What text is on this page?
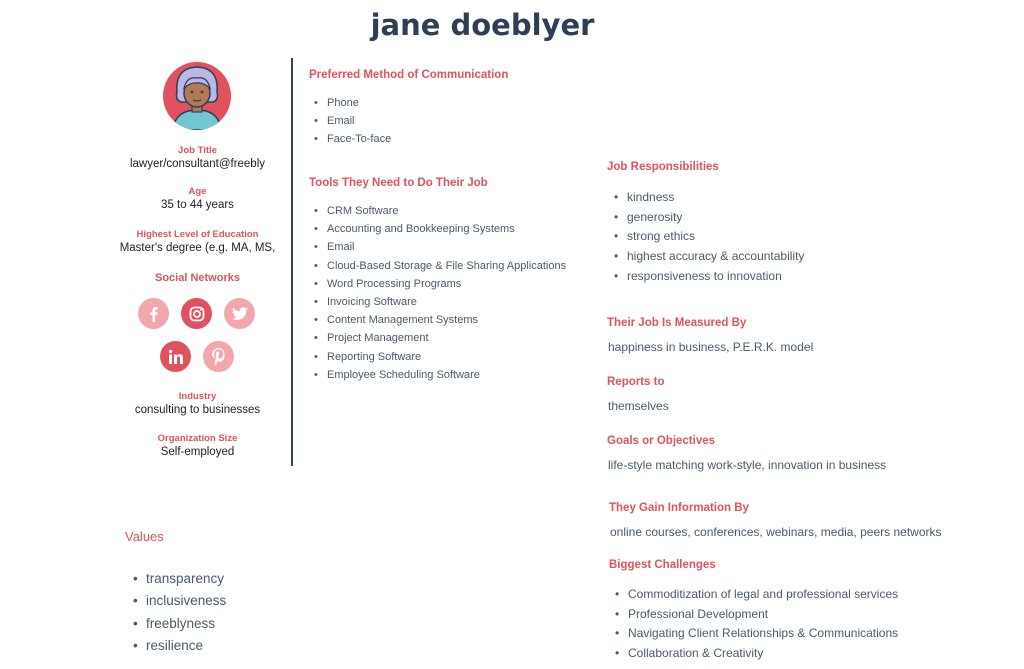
jane doeblyer
Job Title
lawyer/consultant@freebly
Age
35 to 44 years
Highest Level of Education
Master's degree (e.g. MA, MS,
Social Networks
Industry
consulting to businesses
Organization Size
Self-employed
Preferred Method of Communication
• Phone
• Email
• Face-To-face
Tools They Need to Do Their Job
• CRM Software
• Accounting and Bookkeeping Systems
• Email
• Cloud-Based Storage & File Sharing Applications
• Word Processing Programs
• Invoicing Software
• Content Management Systems
• Project Management
• Reporting Software
• Employee Scheduling Software
Job Responsibilities
• kindness
• generosity
• strong ethics
• highest accuracy & accountability
• responsiveness to innovation
Their Job Is Measured By
happiness in business, P.E.R.K. model
Reports to
themselves
Goals or Objectives
life-style matching work-style, innovation in business
They Gain Information By
online courses, conferences, webinars, media, peers networks
Biggest Challenges
• Commoditization of legal and professional services
• Professional Development
• Navigating Client Relationships & Communications
• Collaboration & Creativity
Values
• transparency
• inclusiveness
• freeblyness
• resilience
